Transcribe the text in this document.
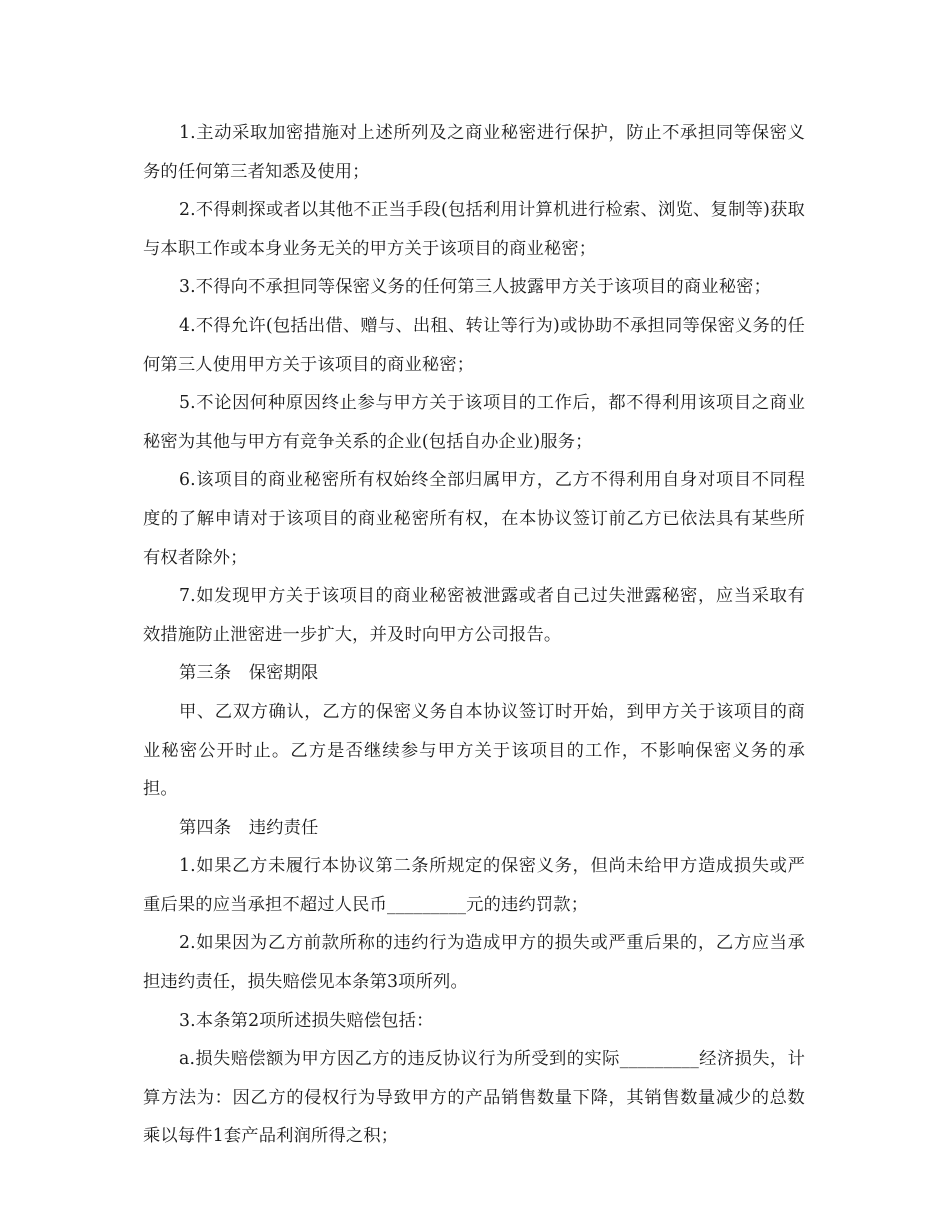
1.主动采取加密措施对上述所列及之商业秘密进行保护，防止不承担同等保密义务的任何第三者知悉及使用；

2.不得刺探或者以其他不正当手段(包括利用计算机进行检索、浏览、复制等)获取与本职工作或本身业务无关的甲方关于该项目的商业秘密；

3.不得向不承担同等保密义务的任何第三人披露甲方关于该项目的商业秘密；

4.不得允许(包括出借、赠与、出租、转让等行为)或协助不承担同等保密义务的任何第三人使用甲方关于该项目的商业秘密；

5.不论因何种原因终止参与甲方关于该项目的工作后，都不得利用该项目之商业秘密为其他与甲方有竞争关系的企业(包括自办企业)服务；

6.该项目的商业秘密所有权始终全部归属甲方，乙方不得利用自身对项目不同程度的了解申请对于该项目的商业秘密所有权，在本协议签订前乙方已依法具有某些所有权者除外；

7.如发现甲方关于该项目的商业秘密被泄露或者自己过失泄露秘密，应当采取有效措施防止泄密进一步扩大，并及时向甲方公司报告。

第三条　保密期限

甲、乙双方确认，乙方的保密义务自本协议签订时开始，到甲方关于该项目的商业秘密公开时止。乙方是否继续参与甲方关于该项目的工作，不影响保密义务的承担。

第四条　违约责任

1.如果乙方未履行本协议第二条所规定的保密义务，但尚未给甲方造成损失或严重后果的应当承担不超过人民币_________元的违约罚款；

2.如果因为乙方前款所称的违约行为造成甲方的损失或严重后果的，乙方应当承担违约责任，损失赔偿见本条第3项所列。

3.本条第2项所述损失赔偿包括：

a.损失赔偿额为甲方因乙方的违反协议行为所受到的实际_________经济损失，计算方法为：因乙方的侵权行为导致甲方的产品销售数量下降，其销售数量减少的总数乘以每件1套产品利润所得之积；
